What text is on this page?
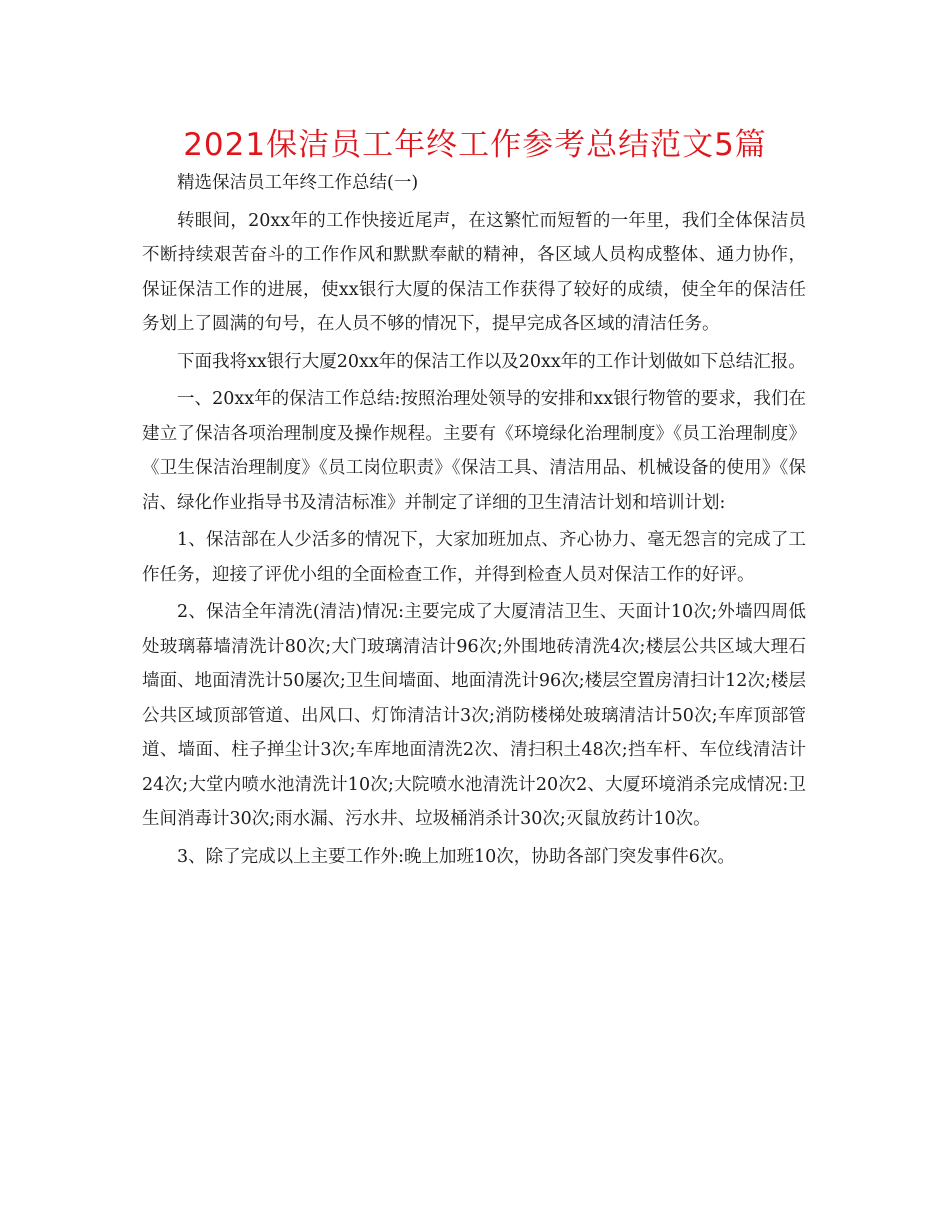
2021保洁员工年终工作参考总结范文5篇

精选保洁员工年终工作总结(一)

转眼间，20xx年的工作快接近尾声，在这繁忙而短暂的一年里，我们全体保洁员不断持续艰苦奋斗的工作作风和默默奉献的精神，各区域人员构成整体、通力协作，保证保洁工作的进展，使xx银行大厦的保洁工作获得了较好的成绩，使全年的保洁任务划上了圆满的句号，在人员不够的情况下，提早完成各区域的清洁任务。

下面我将xx银行大厦20xx年的保洁工作以及20xx年的工作计划做如下总结汇报。

一、20xx年的保洁工作总结:按照治理处领导的安排和xx银行物管的要求，我们在建立了保洁各项治理制度及操作规程。主要有《环境绿化治理制度》《员工治理制度》《卫生保洁治理制度》《员工岗位职责》《保洁工具、清洁用品、机械设备的使用》《保洁、绿化作业指导书及清洁标准》并制定了详细的卫生清洁计划和培训计划:

1、保洁部在人少活多的情况下，大家加班加点、齐心协力、毫无怨言的完成了工作任务，迎接了评优小组的全面检查工作，并得到检查人员对保洁工作的好评。

2、保洁全年清洗(清洁)情况:主要完成了大厦清洁卫生、天面计10次;外墙四周低处玻璃幕墙清洗计80次;大门玻璃清洁计96次;外围地砖清洗4次;楼层公共区域大理石墙面、地面清洗计50屡次;卫生间墙面、地面清洗计96次;楼层空置房清扫计12次;楼层公共区域顶部管道、出风口、灯饰清洁计3次;消防楼梯处玻璃清洁计50次;车库顶部管道、墙面、柱子掸尘计3次;车库地面清洗2次、清扫积土48次;挡车杆、车位线清洁计24次;大堂内喷水池清洗计10次;大院喷水池清洗计20次2、大厦环境消杀完成情况:卫生间消毒计30次;雨水漏、污水井、垃圾桶消杀计30次;灭鼠放药计10次。

3、除了完成以上主要工作外:晚上加班10次，协助各部门突发事件6次。
